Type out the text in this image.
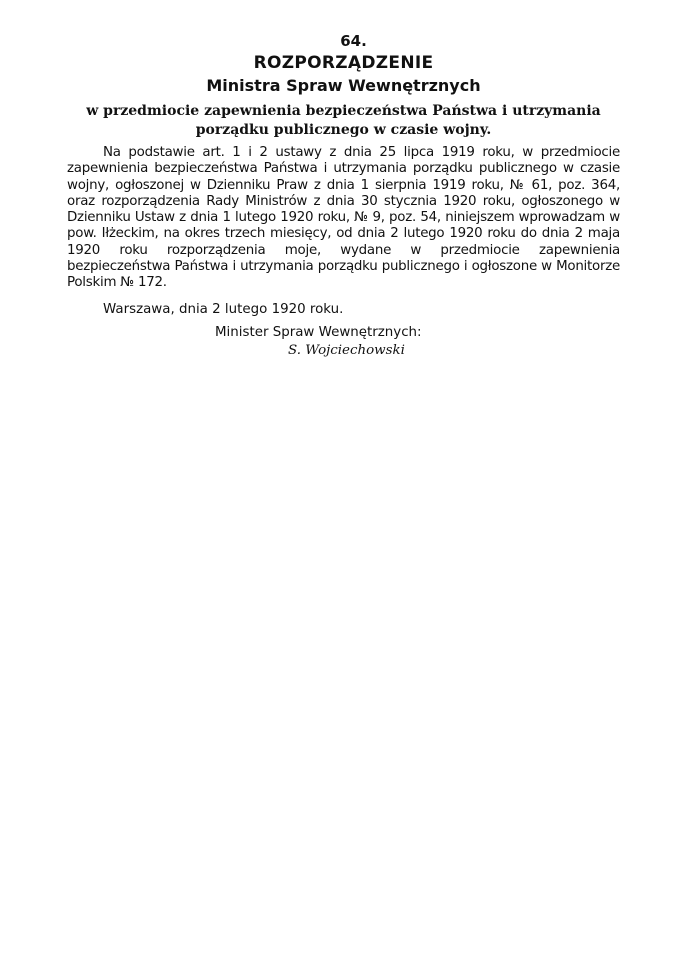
64.
ROZPORZĄDZENIE
Ministra Spraw Wewnętrznych
w przedmiocie zapewnienia bezpieczeństwa Państwa i utrzymania
porządku publicznego w czasie wojny.

Na podstawie art. 1 i 2 ustawy z dnia 25 lipca 1919 roku, w przedmiocie zapewnienia bezpieczeństwa Państwa i utrzymania porządku publicznego w czasie wojny, ogłoszonej w Dzienniku Praw z dnia 1 sierpnia 1919 roku, № 61, poz. 364, oraz rozporządzenia Rady Ministrów z dnia 30 stycznia 1920 roku, ogłoszonego w Dzienniku Ustaw z dnia 1 lutego 1920 roku, № 9, poz. 54, niniejszem wprowadzam w pow. Iłżeckim, na okres trzech miesięcy, od dnia 2 lutego 1920 roku do dnia 2 maja 1920 roku rozporządzenia moje, wydane w przedmiocie zapewnienia bezpieczeństwa Państwa i utrzymania porządku publicznego i ogłoszone w Monitorze Polskim № 172.

Warszawa, dnia 2 lutego 1920 roku.
Minister Spraw Wewnętrznych:
S. Wojciechowski
